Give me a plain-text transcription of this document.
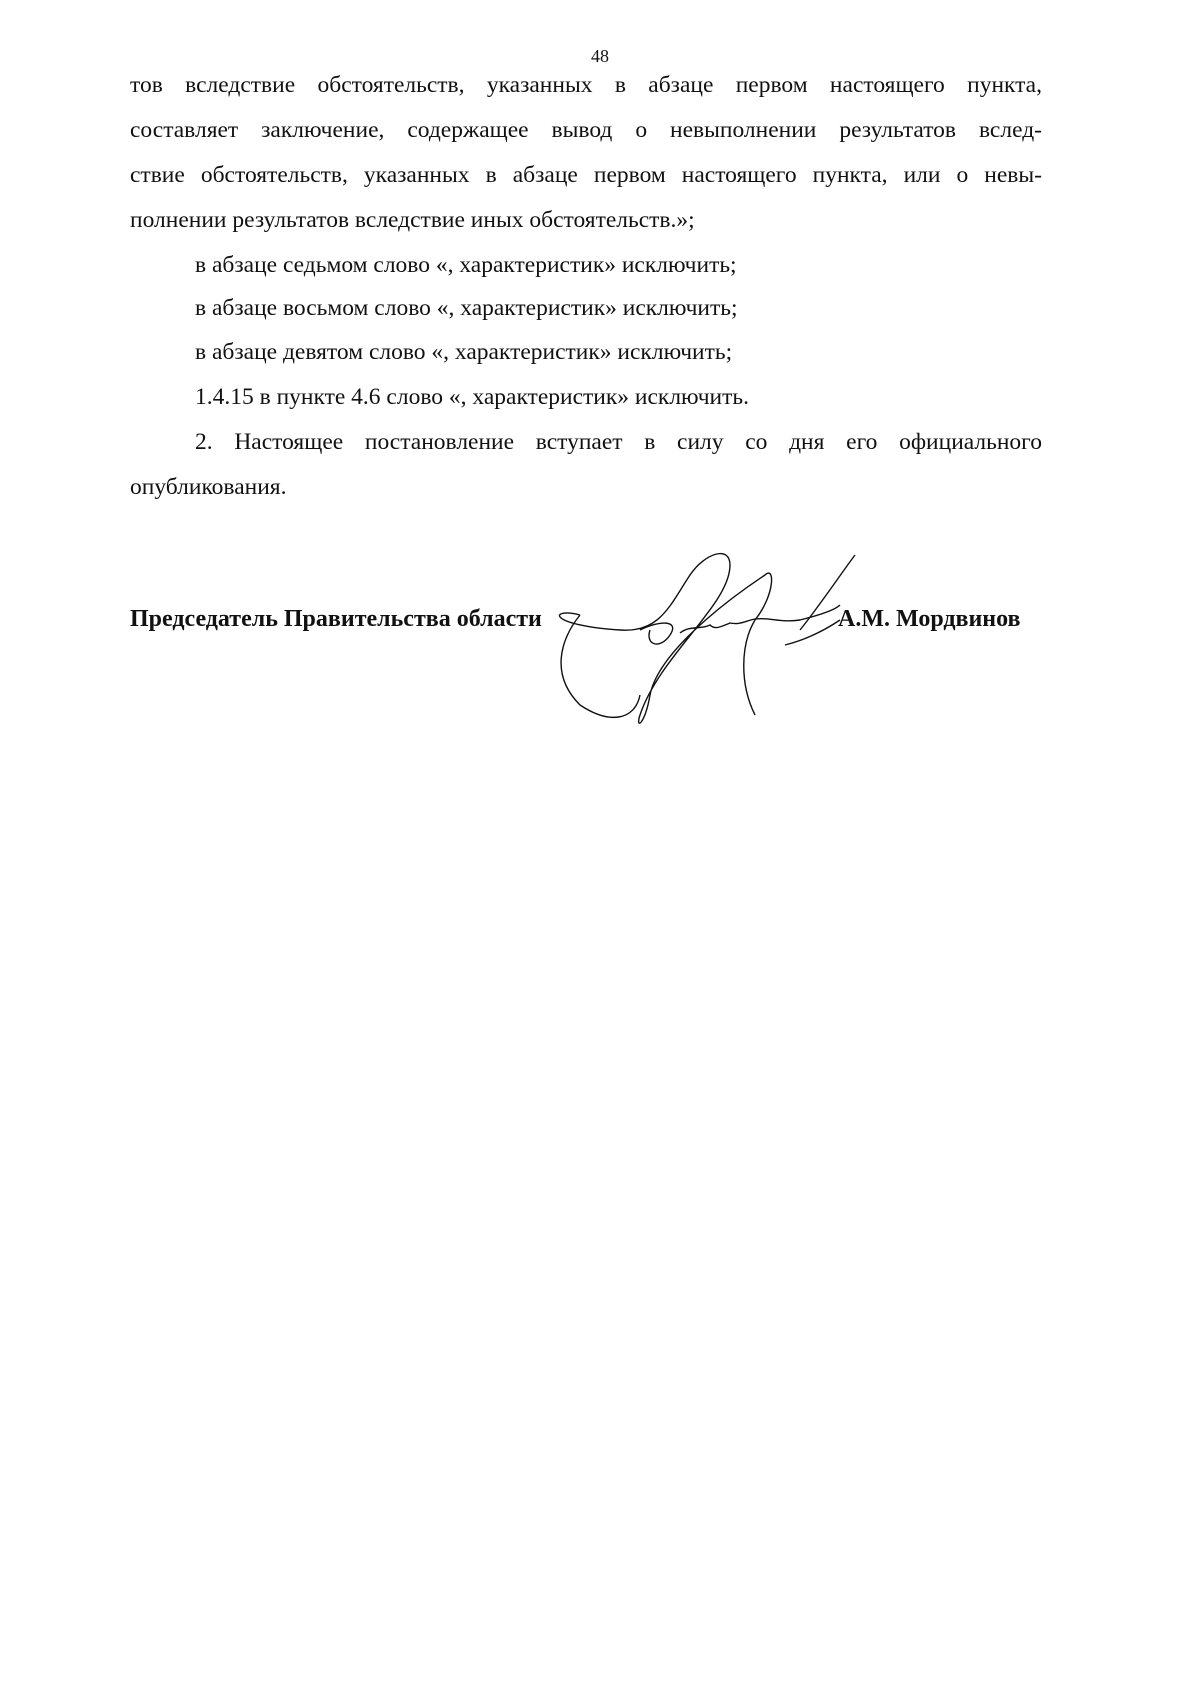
48
тов вследствие обстоятельств, указанных в абзаце первом настоящего пункта,
составляет заключение, содержащее вывод о невыполнении результатов вслед-
ствие обстоятельств, указанных в абзаце первом настоящего пункта, или о невы-
полнении результатов вследствие иных обстоятельств.»;
в абзаце седьмом слово «, характеристик» исключить;
в абзаце восьмом слово «, характеристик» исключить;
в абзаце девятом слово «, характеристик» исключить;
1.4.15 в пункте 4.6 слово «, характеристик» исключить.
2. Настоящее постановление вступает в силу со дня его официального
опубликования.
Председатель Правительства области	А.М. Мордвинов
